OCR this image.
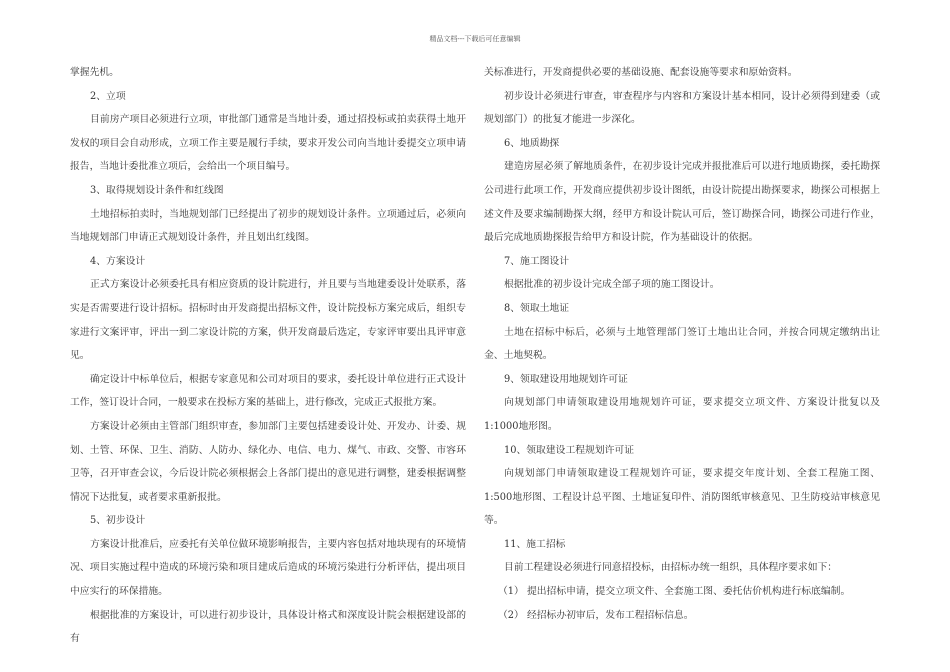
精品文档---下载后可任意编辑

掌握先机。

2、立项

目前房产项目必须进行立项，审批部门通常是当地计委，通过招投标或拍卖获得土地开发权的项目会自动形成，立项工作主要是履行手续，要求开发公司向当地计委提交立项申请报告，当地计委批准立项后，会给出一个项目编号。

3、取得规划设计条件和红线图

土地招标拍卖时，当地规划部门已经提出了初步的规划设计条件。立项通过后，必须向当地规划部门申请正式规划设计条件，并且划出红线图。

4、方案设计

正式方案设计必须委托具有相应资质的设计院进行，并且要与当地建委设计处联系，落实是否需要进行设计招标。招标时由开发商提出招标文件，设计院投标方案完成后，组织专家进行文案评审，评出一到二家设计院的方案，供开发商最后选定，专家评审要出具评审意见。

确定设计中标单位后，根据专家意见和公司对项目的要求，委托设计单位进行正式设计工作，签订设计合同，一般要求在投标方案的基础上，进行修改，完成正式报批方案。

方案设计必须由主管部门组织审查，参加部门主要包括建委设计处、开发办、计委、规划、土管、环保、卫生、消防、人防办、绿化办、电信、电力、煤气、市政、交警、市容环卫等，召开审查会议，今后设计院必须根据会上各部门提出的意见进行调整，建委根据调整情况下达批复，或者要求重新报批。

5、初步设计

方案设计批准后，应委托有关单位做环境影响报告，主要内容包括对地块现有的环境情况、项目实施过程中造成的环境污染和项目建成后造成的环境污染进行分析评估，提出项目中应实行的环保措施。

根据批准的方案设计，可以进行初步设计，具体设计格式和深度设计院会根据建设部的有

关标准进行，开发商提供必要的基础设施、配套设施等要求和原始资料。

初步设计必须进行审查，审查程序与内容和方案设计基本相同，设计必须得到建委（或规划部门）的批复才能进一步深化。

6、地质勘探

建造房屋必须了解地质条件，在初步设计完成并报批准后可以进行地质勘探，委托勘探公司进行此项工作，开发商应提供初步设计图纸，由设计院提出勘探要求，勘探公司根据上述文件及要求编制勘探大纲，经甲方和设计院认可后，签订勘探合同，勘探公司进行作业，最后完成地质勘探报告给甲方和设计院，作为基础设计的依据。

7、施工图设计

根据批准的初步设计完成全部子项的施工图设计。

8、领取土地证

土地在招标中标后，必须与土地管理部门签订土地出让合同，并按合同规定缴纳出让金、土地契税。

9、领取建设用地规划许可证

向规划部门申请领取建设用地规划许可证，要求提交立项文件、方案设计批复以及1:1000地形图。

10、领取建设工程规划许可证

向规划部门申请领取建设工程规划许可证，要求提交年度计划、全套工程施工图、1:500地形图、工程设计总平图、土地证复印件、消防图纸审核意见、卫生防疫站审核意见等。

11、施工招标

目前工程建设必须进行同意招投标，由招标办统一组织，具体程序要求如下：

（1） 提出招标申请，提交立项文件、全套施工图、委托估价机构进行标底编制。

（2） 经招标办初审后，发布工程招标信息。
